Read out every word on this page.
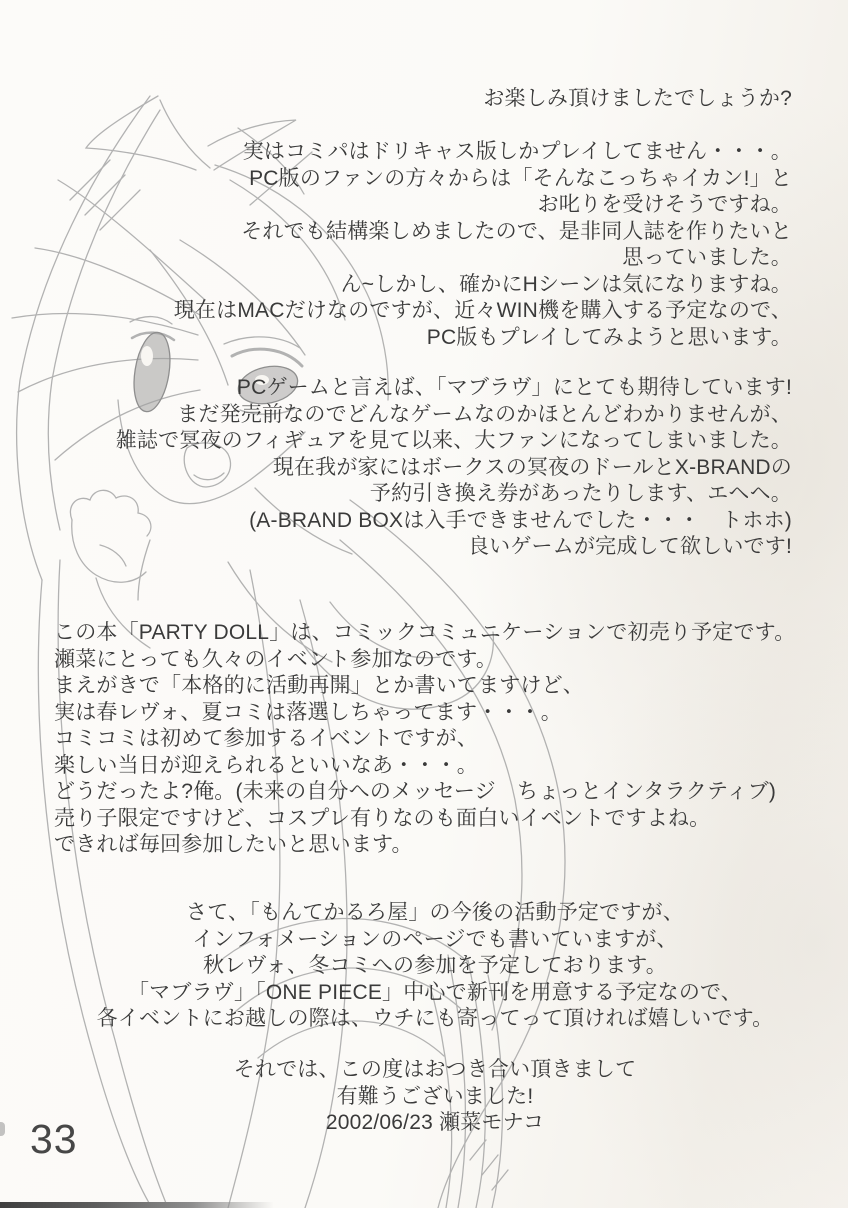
お楽しみ頂けましたでしょうか?
実はコミパはドリキャス版しかプレイしてません・・・。
PC版のファンの方々からは「そんなこっちゃイカン!」と
お叱りを受けそうですね。
それでも結構楽しめましたので、是非同人誌を作りたいと
思っていました。
ん~しかし、確かにHシーンは気になりますね。
現在はMACだけなのですが、近々WIN機を購入する予定なので、
PC版もプレイしてみようと思います。
PCゲームと言えば、「マブラヴ」にとても期待しています!
まだ発売前なのでどんなゲームなのかほとんどわかりませんが、
雑誌で冥夜のフィギュアを見て以来、大ファンになってしまいました。
現在我が家にはボークスの冥夜のドールとX-BRANDの
予約引き換え券があったりします、エヘヘ。
(A-BRAND BOXは入手できませんでした・・・　トホホ)
良いゲームが完成して欲しいです!
この本「PARTY DOLL」は、コミックコミュニケーションで初売り予定です。
瀬菜にとっても久々のイベント参加なのです。
まえがきで「本格的に活動再開」とか書いてますけど、
実は春レヴォ、夏コミは落選しちゃってます・・・。
コミコミは初めて参加するイベントですが、
楽しい当日が迎えられるといいなあ・・・。
どうだったよ?俺。(未来の自分へのメッセージ　ちょっとインタラクティブ)
売り子限定ですけど、コスプレ有りなのも面白いイベントですよね。
できれば毎回参加したいと思います。
さて、「もんてかるろ屋」の今後の活動予定ですが、
インフォメーションのページでも書いていますが、
秋レヴォ、冬コミへの参加を予定しております。
「マブラヴ」「ONE PIECE」中心で新刊を用意する予定なので、
各イベントにお越しの際は、ウチにも寄ってって頂ければ嬉しいです。
それでは、この度はおつき合い頂きまして
有難うございました!
2002/06/23 瀬菜モナコ
33
